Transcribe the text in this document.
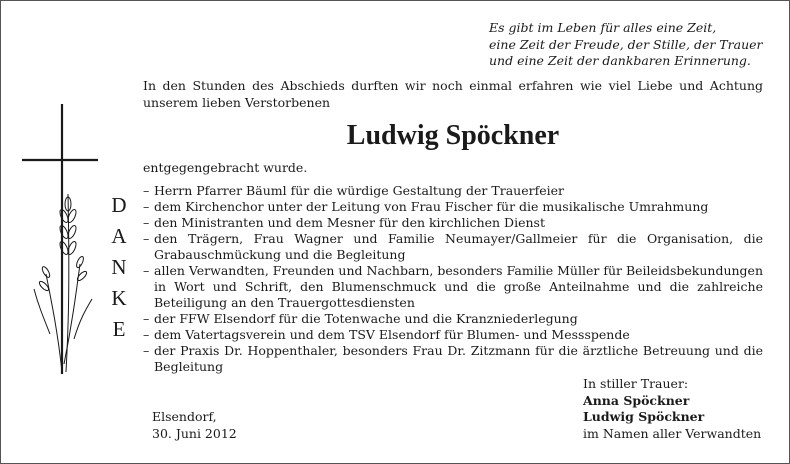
Es gibt im Leben für alles eine Zeit,
eine Zeit der Freude, der Stille, der Trauer
und eine Zeit der dankbaren Erinnerung.
In den Stunden des Abschieds durften wir noch einmal erfahren wie viel Liebe und Achtung unserem lieben Verstorbenen
Ludwig Spöckner
entgegengebracht wurde.
D
A
N
K
E
– Herrn Pfarrer Bäuml für die würdige Gestaltung der Trauerfeier
– dem Kirchenchor unter der Leitung von Frau Fischer für die musikalische Umrahmung
– den Ministranten und dem Mesner für den kirchlichen Dienst
– den Trägern, Frau Wagner und Familie Neumayer/Gallmeier für die Organisation, die Grabauschmückung und die Begleitung
– allen Verwandten, Freunden und Nachbarn, besonders Familie Müller für Beileidsbekundungen in Wort und Schrift, den Blumenschmuck und die große Anteilnahme und die zahlreiche Beteiligung an den Trauergottesdiensten
– der FFW Elsendorf für die Totenwache und die Kranzniederlegung
– dem Vatertagsverein und dem TSV Elsendorf für Blumen- und Messspende
– der Praxis Dr. Hoppenthaler, besonders Frau Dr. Zitzmann für die ärztliche Betreuung und die Begleitung
Elsendorf,
30. Juni 2012
In stiller Trauer:
Anna Spöckner
Ludwig Spöckner
im Namen aller Verwandten
